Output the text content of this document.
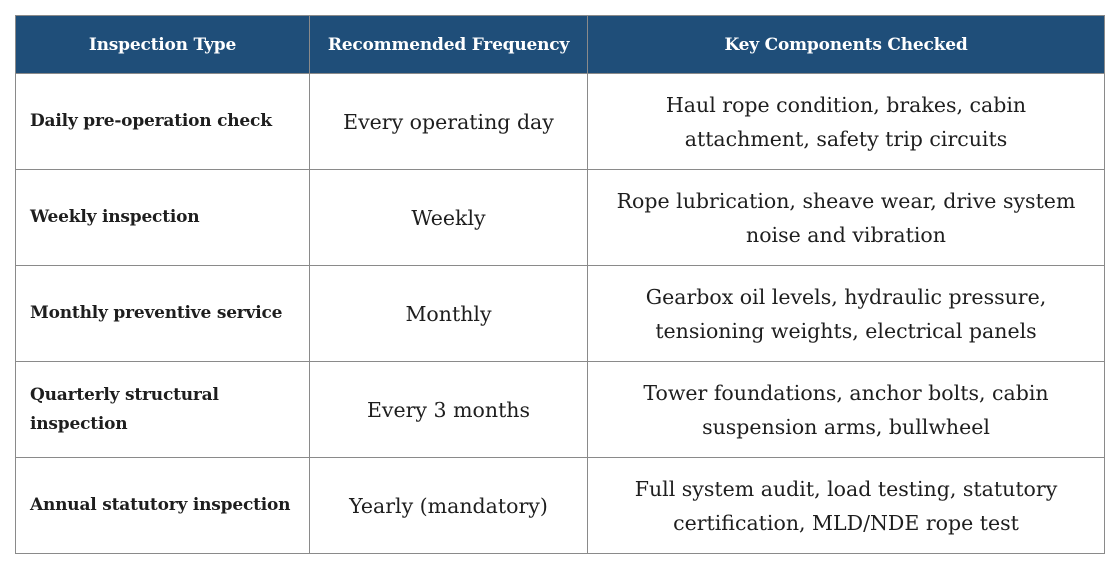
Inspection Type	Recommended Frequency	Key Components Checked
Daily pre-operation check	Every operating day	Haul rope condition, brakes, cabin attachment, safety trip circuits
Weekly inspection	Weekly	Rope lubrication, sheave wear, drive system noise and vibration
Monthly preventive service	Monthly	Gearbox oil levels, hydraulic pressure, tensioning weights, electrical panels
Quarterly structural inspection	Every 3 months	Tower foundations, anchor bolts, cabin suspension arms, bullwheel
Annual statutory inspection	Yearly (mandatory)	Full system audit, load testing, statutory certification, MLD/NDE rope test
